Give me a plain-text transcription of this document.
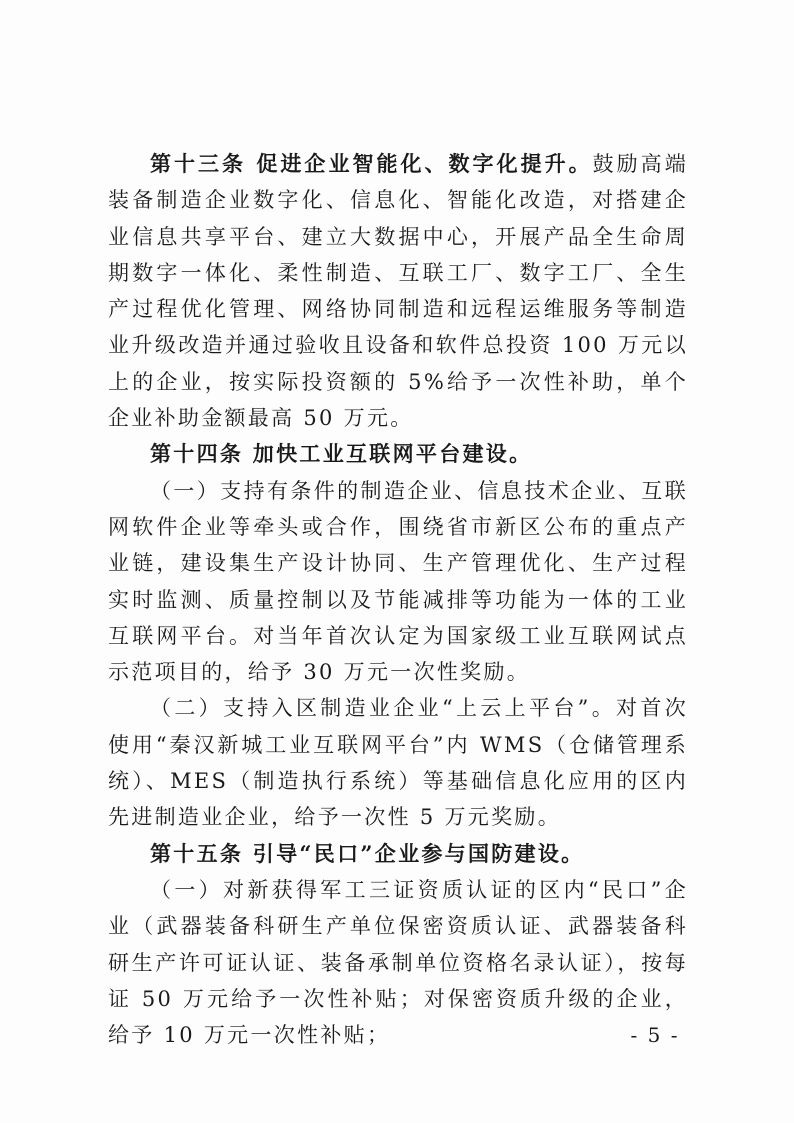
第十三条 促进企业智能化、数字化提升。鼓励高端装备制造企业数字化、信息化、智能化改造，对搭建企业信息共享平台、建立大数据中心，开展产品全生命周期数字一体化、柔性制造、互联工厂、数字工厂、全生产过程优化管理、网络协同制造和远程运维服务等制造业升级改造并通过验收且设备和软件总投资 100 万元以上的企业，按实际投资额的 5%给予一次性补助，单个企业补助金额最高 50 万元。

第十四条 加快工业互联网平台建设。

（一）支持有条件的制造企业、信息技术企业、互联网软件企业等牵头或合作，围绕省市新区公布的重点产业链，建设集生产设计协同、生产管理优化、生产过程实时监测、质量控制以及节能减排等功能为一体的工业互联网平台。对当年首次认定为国家级工业互联网试点示范项目的，给予 30 万元一次性奖励。

（二）支持入区制造业企业“上云上平台”。对首次使用“秦汉新城工业互联网平台”内 WMS（仓储管理系统）、MES（制造执行系统）等基础信息化应用的区内先进制造业企业，给予一次性 5 万元奖励。

第十五条 引导“民口”企业参与国防建设。

（一）对新获得军工三证资质认证的区内“民口”企业（武器装备科研生产单位保密资质认证、武器装备科研生产许可证认证、装备承制单位资格名录认证），按每证 50 万元给予一次性补贴；对保密资质升级的企业，给予 10 万元一次性补贴；	- 5 -
